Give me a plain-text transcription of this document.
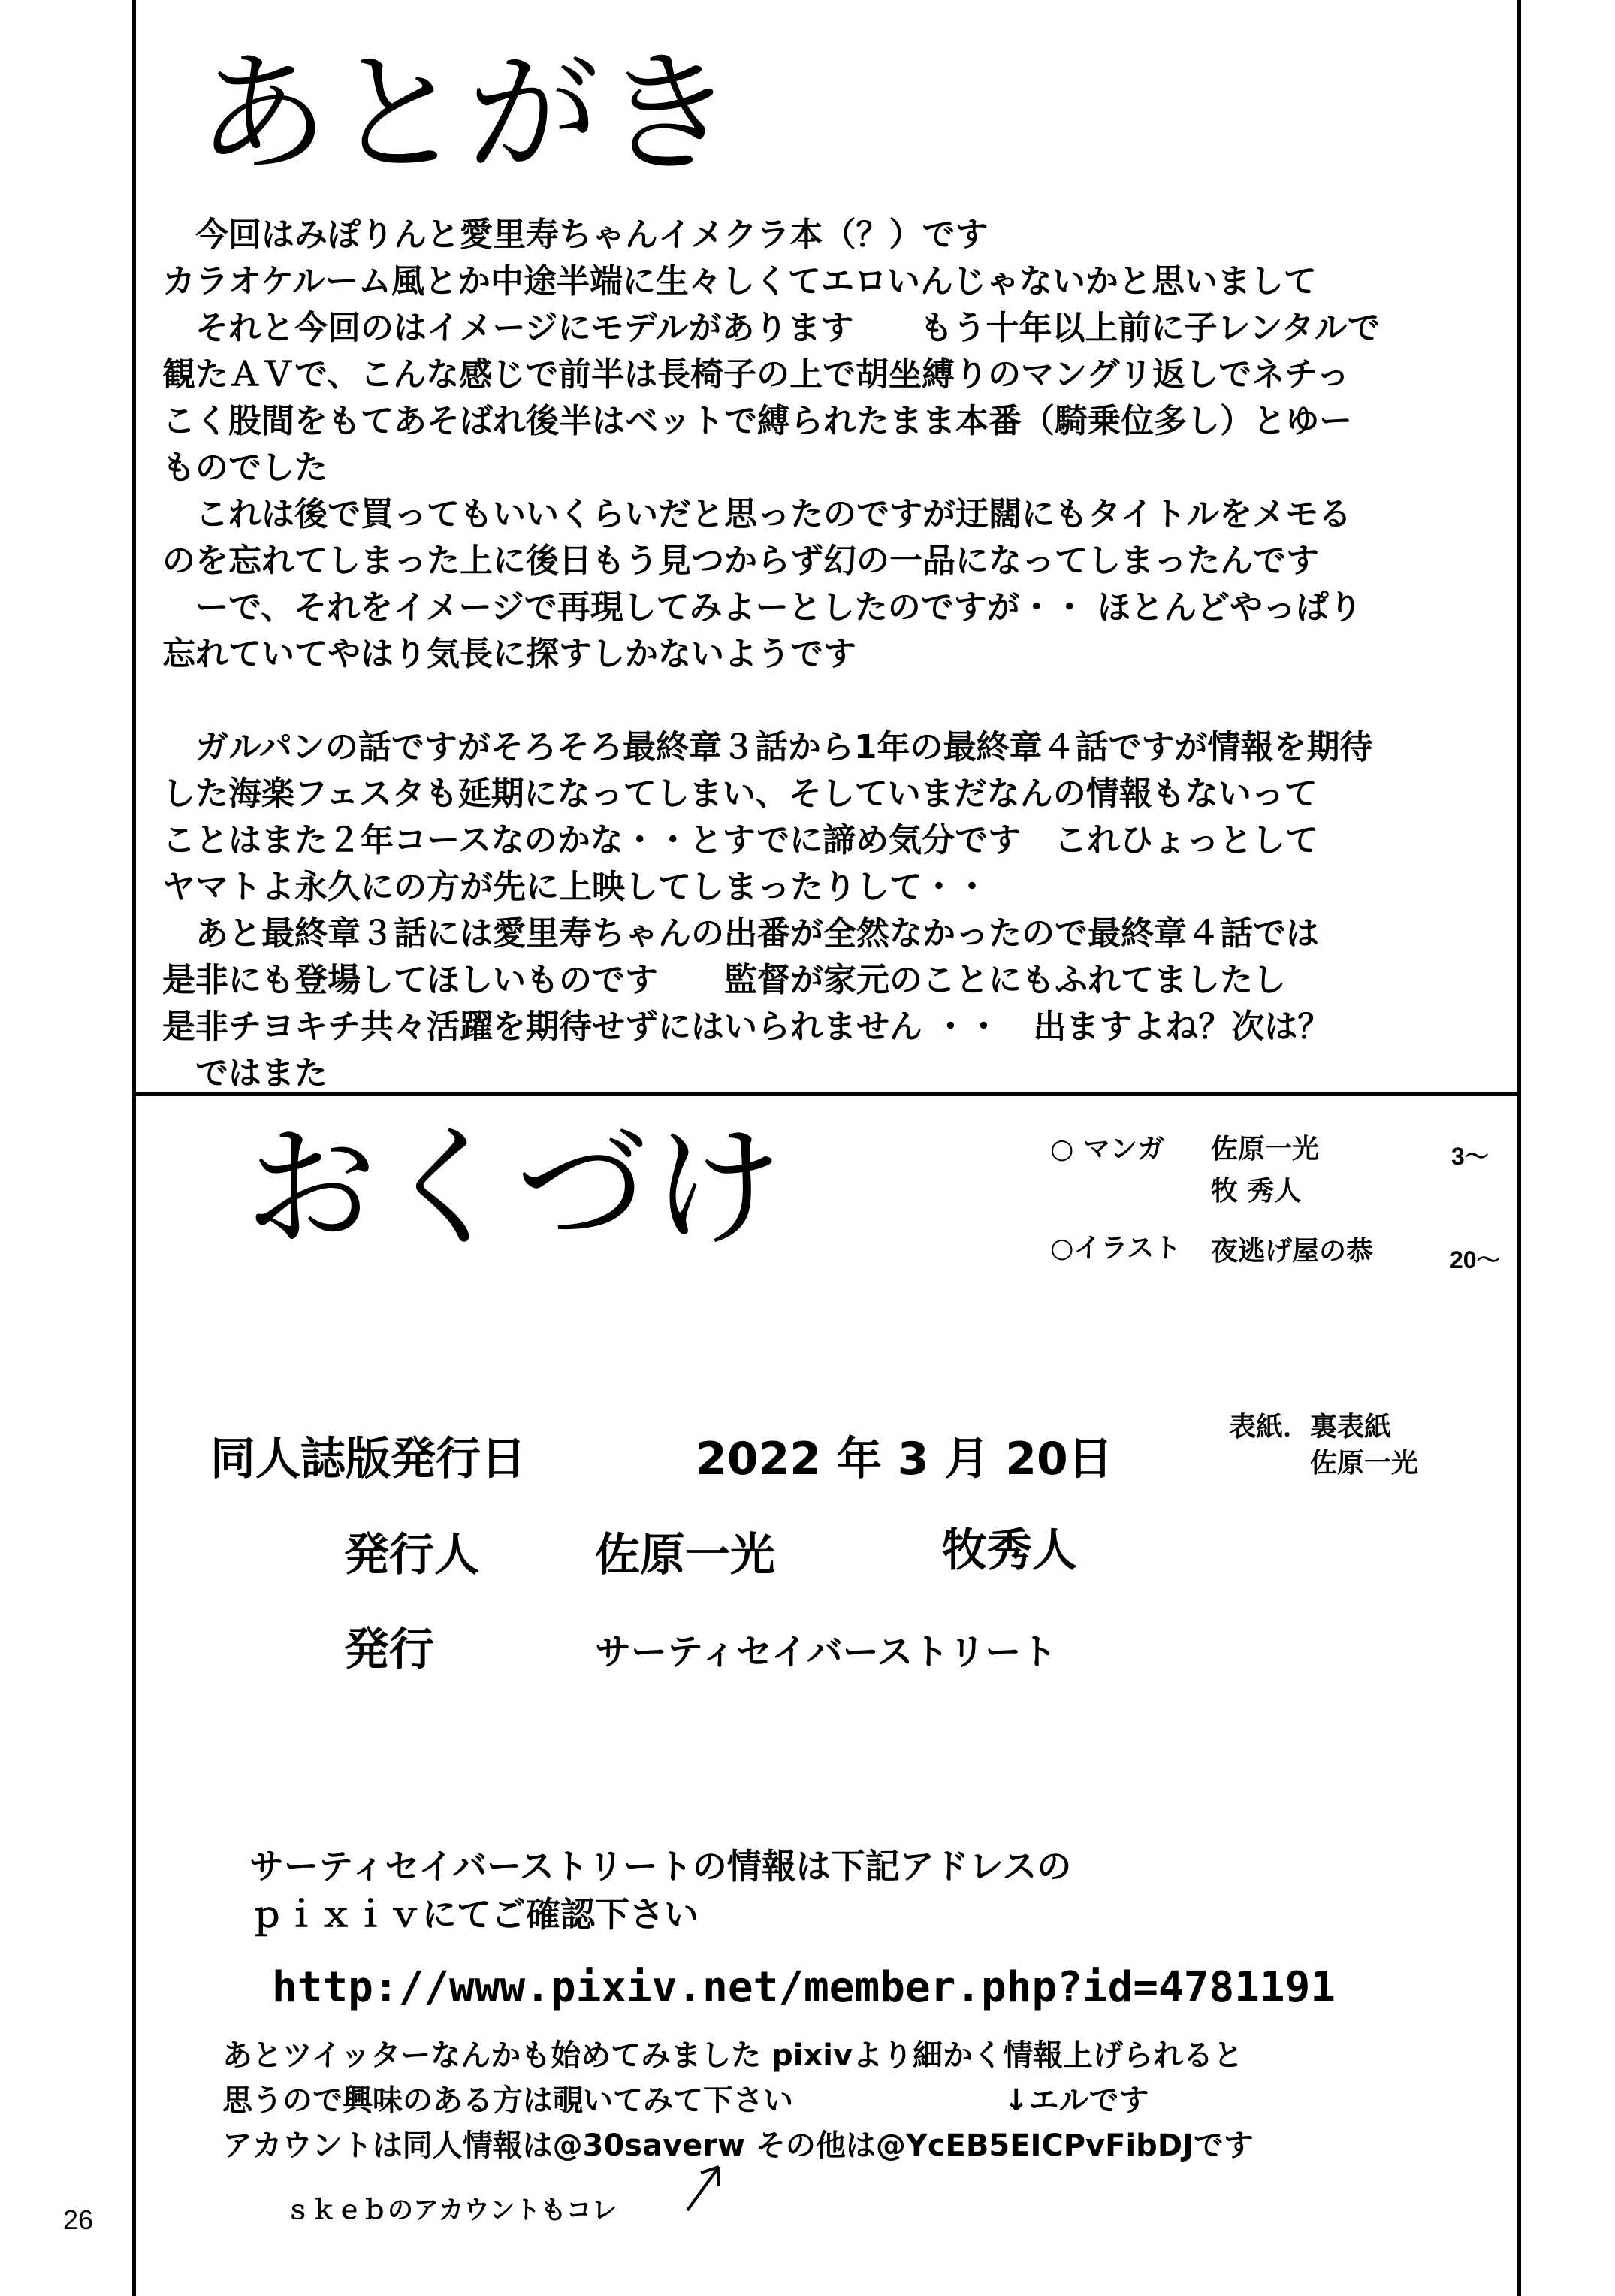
あとがき
　今回はみぽりんと愛里寿ちゃんイメクラ本（？）です
カラオケルーム風とか中途半端に生々しくてエロいんじゃないかと思いまして
　それと今回のはイメージにモデルがあります　　もう十年以上前に子レンタルで
観たＡＶで、こんな感じで前半は長椅子の上で胡坐縛りのマングリ返しでネチっ
こく股間をもてあそばれ後半はベットで縛られたまま本番（騎乗位多し）とゆー
ものでした
　これは後で買ってもいいくらいだと思ったのですが迂闊にもタイトルをメモる
のを忘れてしまった上に後日もう見つからず幻の一品になってしまったんです
　ーで、それをイメージで再現してみよーとしたのですが・・ ほとんどやっぱり
忘れていてやはり気長に探すしかないようです
　ガルパンの話ですがそろそろ最終章３話から1年の最終章４話ですが情報を期待
した海楽フェスタも延期になってしまい、そしていまだなんの情報もないって
ことはまた２年コースなのかな・・とすでに諦め気分です　これひょっとして
ヤマトよ永久にの方が先に上映してしまったりして・・
　あと最終章３話には愛里寿ちゃんの出番が全然なかったので最終章４話では
是非にも登場してほしいものです　　監督が家元のことにもふれてましたし
是非チヨキチ共々活躍を期待せずにはいられません ・・　出ますよね？次は？
　ではまた
おくづけ	○ マンガ 佐原一光	3～
牧 秀人
○イラスト 夜逃げ屋の恭	20～
表紙．裏表紙
佐原一光
同人誌版発行日	2022 年 3 月 20日
発行人	佐原一光	牧秀人
発行	サーティセイバーストリート
サーティセイバーストリートの情報は下記アドレスの
ｐｉｘｉｖにてご確認下さい
http://www.pixiv.net/member.php?id=4781191
あとツイッターなんかも始めてみました pixivより細かく情報上げられると
思うので興味のある方は覗いてみて下さい　　　　　　　↓エルです
アカウントは同人情報は@30saverw その他は@YcEB5EICPvFibDJです
ｓｋｅｂのアカウントもコレ
26
